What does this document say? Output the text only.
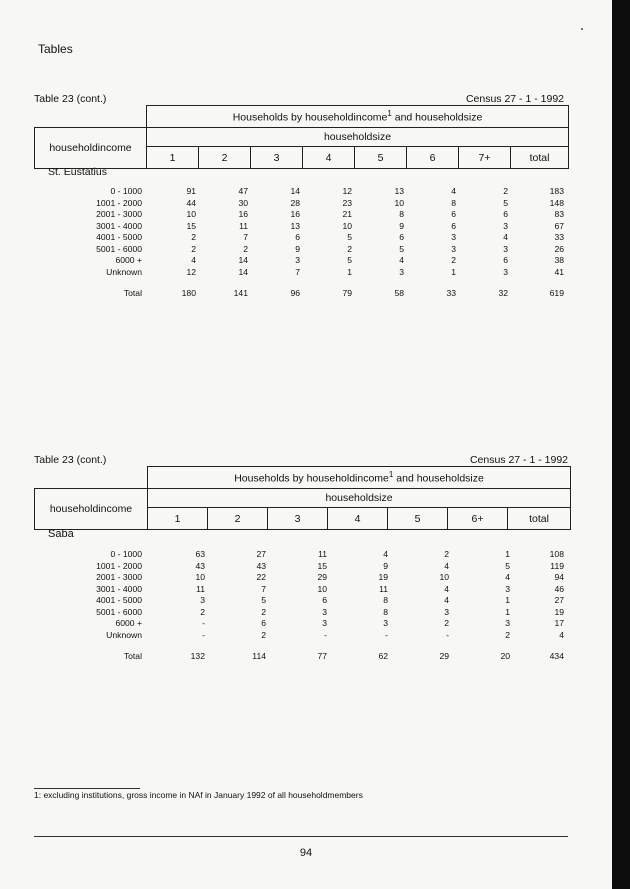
Tables
Table 23 (cont.)	Census 27 - 1 - 1992
	Households by householdincome$^1$ and householdsize							
householdincome	householdsize							
	1	2	3	4	5	6	7+	total
St. Eustatius
0 - 1000	91	47	14	12	13	4	2	183	
1001 - 2000	44	30	28	23	10	8	5	148	
2001 - 3000	10	16	16	21	8	6	6	83	
3001 - 4000	15	11	13	10	9	6	3	67	
4001 - 5000	2	7	6	5	6	3	4	33	
5001 - 6000	2	2	9	2	5	3	3	26	
6000 +	4	14	3	5	4	2	6	38	
Unknown	12	14	7	1	3	1	3	41	
Total	180	141	96	79	58	33	32	619	
Table 23 (cont.)	Census 27 - 1 - 1992
	Households by householdincome$^1$ and householdsize						
householdincome	householdsize						
	1	2	3	4	5	6+	total
Saba
0 - 1000	63	27	11	4	2	1	108	
1001 - 2000	43	43	15	9	4	5	119	
2001 - 3000	10	22	29	19	10	4	94	
3001 - 4000	11	7	10	11	4	3	46	
4001 - 5000	3	5	6	8	4	1	27	
5001 - 6000	2	2	3	8	3	1	19	
6000 +	-	6	3	3	2	3	17	
Unknown	-	2	-	-	-	2	4	
Total	132	114	77	62	29	20	434	
1: excluding institutions, gross income in NAf in January 1992 of all householdmembers
94
